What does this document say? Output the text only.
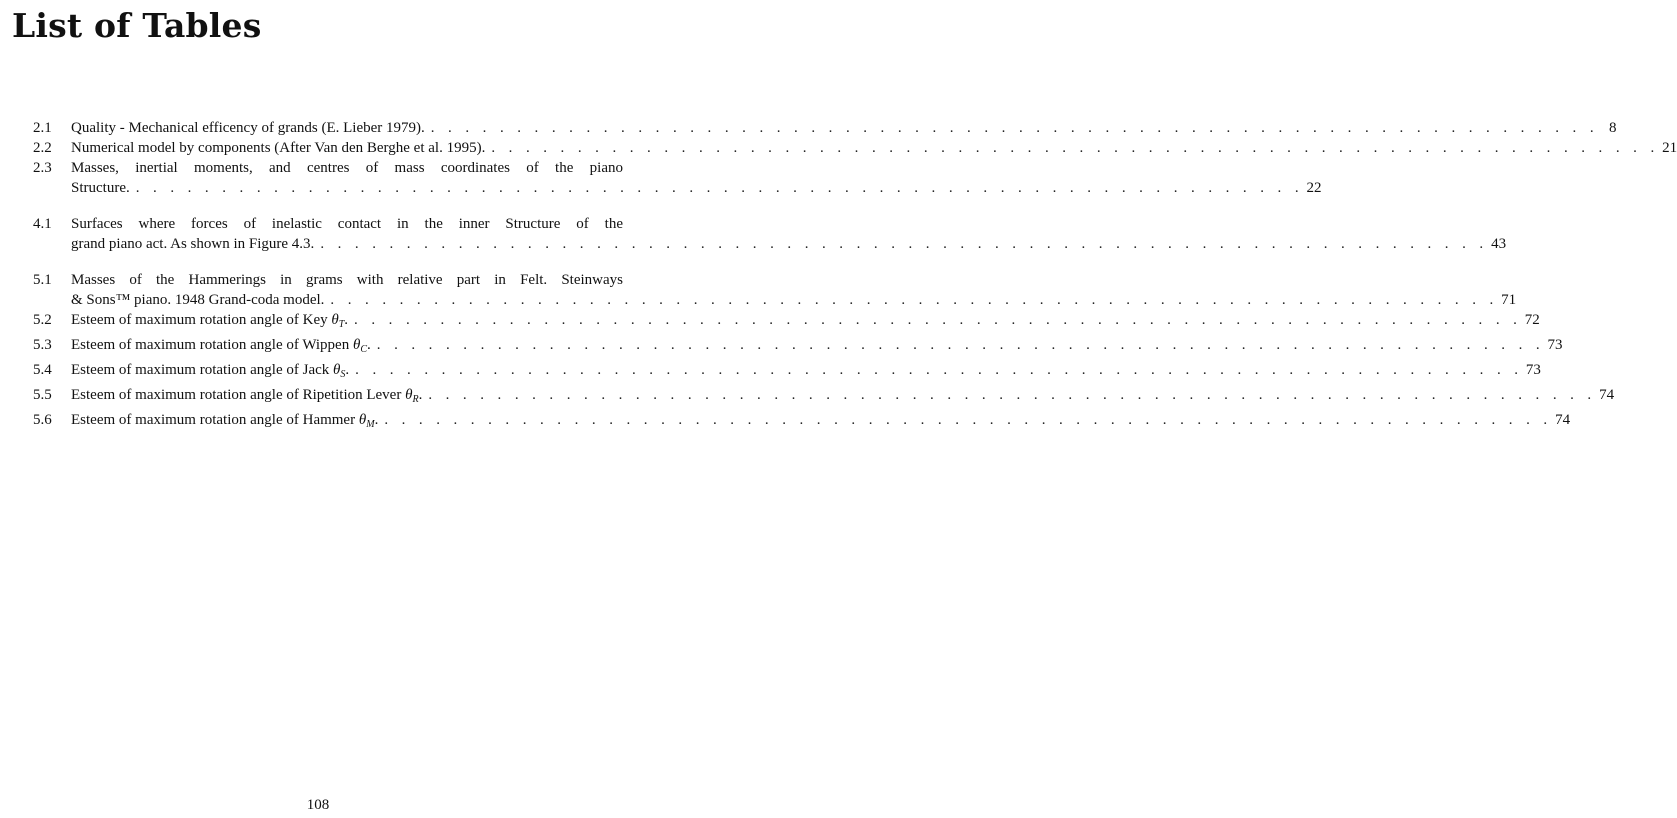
List of Tables
2.1	Quality - Mechanical efficency of grands (E. Lieber 1979). . . . . . . . . . . . . . . . . . . . . . . . . . . . . . . . . . . . . . . . . . . . . . . . . . . . . . . . . . . . . . . . . . . . . 8
2.2	Numerical model by components (After Van den Berghe et al. 1995). . . . . . . . . . . . . . . . . . . . . . . . . . . . . . . . . . . . . . . . . . . . . . . . . . . . . . . . . . . . . . . . . . . . . 21
2.3	Masses, inertial moments, and centres of mass coordinates of the piano
Structure. . . . . . . . . . . . . . . . . . . . . . . . . . . . . . . . . . . . . . . . . . . . . . . . . . . . . . . . . . . . . . . . . . . . . 22
4.1	Surfaces where forces of inelastic contact in the inner Structure of the
grand piano act. As shown in Figure 4.3. . . . . . . . . . . . . . . . . . . . . . . . . . . . . . . . . . . . . . . . . . . . . . . . . . . . . . . . . . . . . . . . . . . . . 43
5.1	Masses of the Hammerings in grams with relative part in Felt. Steinways
& Sons™ piano. 1948 Grand-coda model. . . . . . . . . . . . . . . . . . . . . . . . . . . . . . . . . . . . . . . . . . . . . . . . . . . . . . . . . . . . . . . . . . . . . 71
5.2	Esteem of maximum rotation angle of Key $\theta_T$. . . . . . . . . . . . . . . . . . . . . . . . . . . . . . . . . . . . . . . . . . . . . . . . . . . . . . . . . . . . . . . . . . . . . 72
5.3	Esteem of maximum rotation angle of Wippen $\theta_C$. . . . . . . . . . . . . . . . . . . . . . . . . . . . . . . . . . . . . . . . . . . . . . . . . . . . . . . . . . . . . . . . . . . . . 73
5.4	Esteem of maximum rotation angle of Jack $\theta_S$. . . . . . . . . . . . . . . . . . . . . . . . . . . . . . . . . . . . . . . . . . . . . . . . . . . . . . . . . . . . . . . . . . . . . 73
5.5	Esteem of maximum rotation angle of Ripetition Lever $\theta_R$. . . . . . . . . . . . . . . . . . . . . . . . . . . . . . . . . . . . . . . . . . . . . . . . . . . . . . . . . . . . . . . . . . . . . 74
5.6	Esteem of maximum rotation angle of Hammer $\theta_M$. . . . . . . . . . . . . . . . . . . . . . . . . . . . . . . . . . . . . . . . . . . . . . . . . . . . . . . . . . . . . . . . . . . . . 74
108
